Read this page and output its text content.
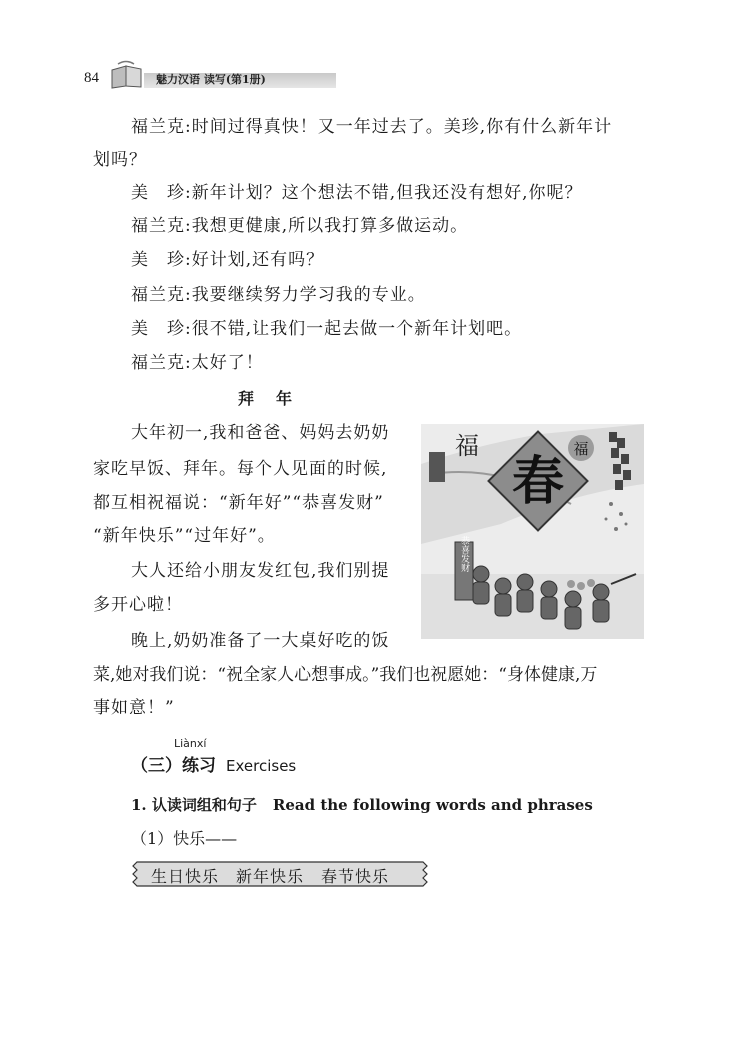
84	魅力汉语 读写(第1册)
福兰克:时间过得真快！又一年过去了。美珍,你有什么新年计
划吗？
美　珍:新年计划？这个想法不错,但我还没有想好,你呢？
福兰克:我想更健康,所以我打算多做运动。
美　珍:好计划,还有吗？
福兰克:我要继续努力学习我的专业。
美　珍:很不错,让我们一起去做一个新年计划吧。
福兰克:太好了！
拜年
大年初一,我和爸爸、妈妈去奶奶
家吃早饭、拜年。每个人见面的时候,
都互相祝福说：“新年好”“恭喜发财”
“新年快乐”“过年好”。
大人还给小朋友发红包,我们别提
多开心啦！
晚上,奶奶准备了一大桌好吃的饭
菜,她对我们说：“祝全家人心想事成。”我们也祝愿她：“身体健康,万
事如意！”
春
福	福
恭喜发财
Liànxí
（三）练习 Exercises
1. 认读词组和句子 Read the following words and phrases
（1）快乐——
生日快乐　新年快乐　春节快乐
